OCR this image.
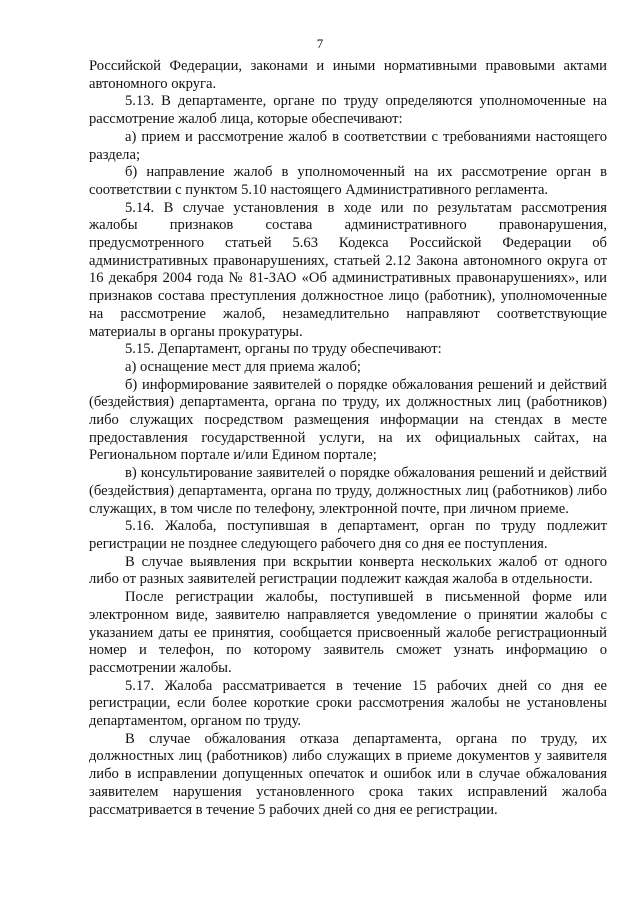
7

Российской Федерации, законами и иными нормативными правовыми актами автономного округа.

5.13. В департаменте, органе по труду определяются уполномоченные на рассмотрение жалоб лица, которые обеспечивают:

а) прием и рассмотрение жалоб в соответствии с требованиями настоящего раздела;

б) направление жалоб в уполномоченный на их рассмотрение орган в соответствии с пунктом 5.10 настоящего Административного регламента.

5.14. В случае установления в ходе или по результатам рассмотрения жалобы признаков состава административного правонарушения, предусмотренного статьей 5.63 Кодекса Российской Федерации об административных правонарушениях, статьей 2.12 Закона автономного округа от 16 декабря 2004 года № 81-ЗАО «Об административных правонарушениях», или признаков состава преступления должностное лицо (работник), уполномоченные на рассмотрение жалоб, незамедлительно направляют соответствующие материалы в органы прокуратуры.

5.15. Департамент, органы по труду обеспечивают:

а) оснащение мест для приема жалоб;

б) информирование заявителей о порядке обжалования решений и действий (бездействия) департамента, органа по труду, их должностных лиц (работников) либо служащих посредством размещения информации на стендах в месте предоставления государственной услуги, на их официальных сайтах, на Региональном портале и/или Едином портале;

в) консультирование заявителей о порядке обжалования решений и действий (бездействия) департамента, органа по труду, должностных лиц (работников) либо служащих, в том числе по телефону, электронной почте, при личном приеме.

5.16. Жалоба, поступившая в департамент, орган по труду подлежит регистрации не позднее следующего рабочего дня со дня ее поступления.

В случае выявления при вскрытии конверта нескольких жалоб от одного либо от разных заявителей регистрации подлежит каждая жалоба в отдельности.

После регистрации жалобы, поступившей в письменной форме или электронном виде, заявителю направляется уведомление о принятии жалобы с указанием даты ее принятия, сообщается присвоенный жалобе регистрационный номер и телефон, по которому заявитель сможет узнать информацию о рассмотрении жалобы.

5.17. Жалоба рассматривается в течение 15 рабочих дней со дня ее регистрации, если более короткие сроки рассмотрения жалобы не установлены департаментом, органом по труду.

В случае обжалования отказа департамента, органа по труду, их должностных лиц (работников) либо служащих в приеме документов у заявителя либо в исправлении допущенных опечаток и ошибок или в случае обжалования заявителем нарушения установленного срока таких исправлений жалоба рассматривается в течение 5 рабочих дней со дня ее регистрации.
